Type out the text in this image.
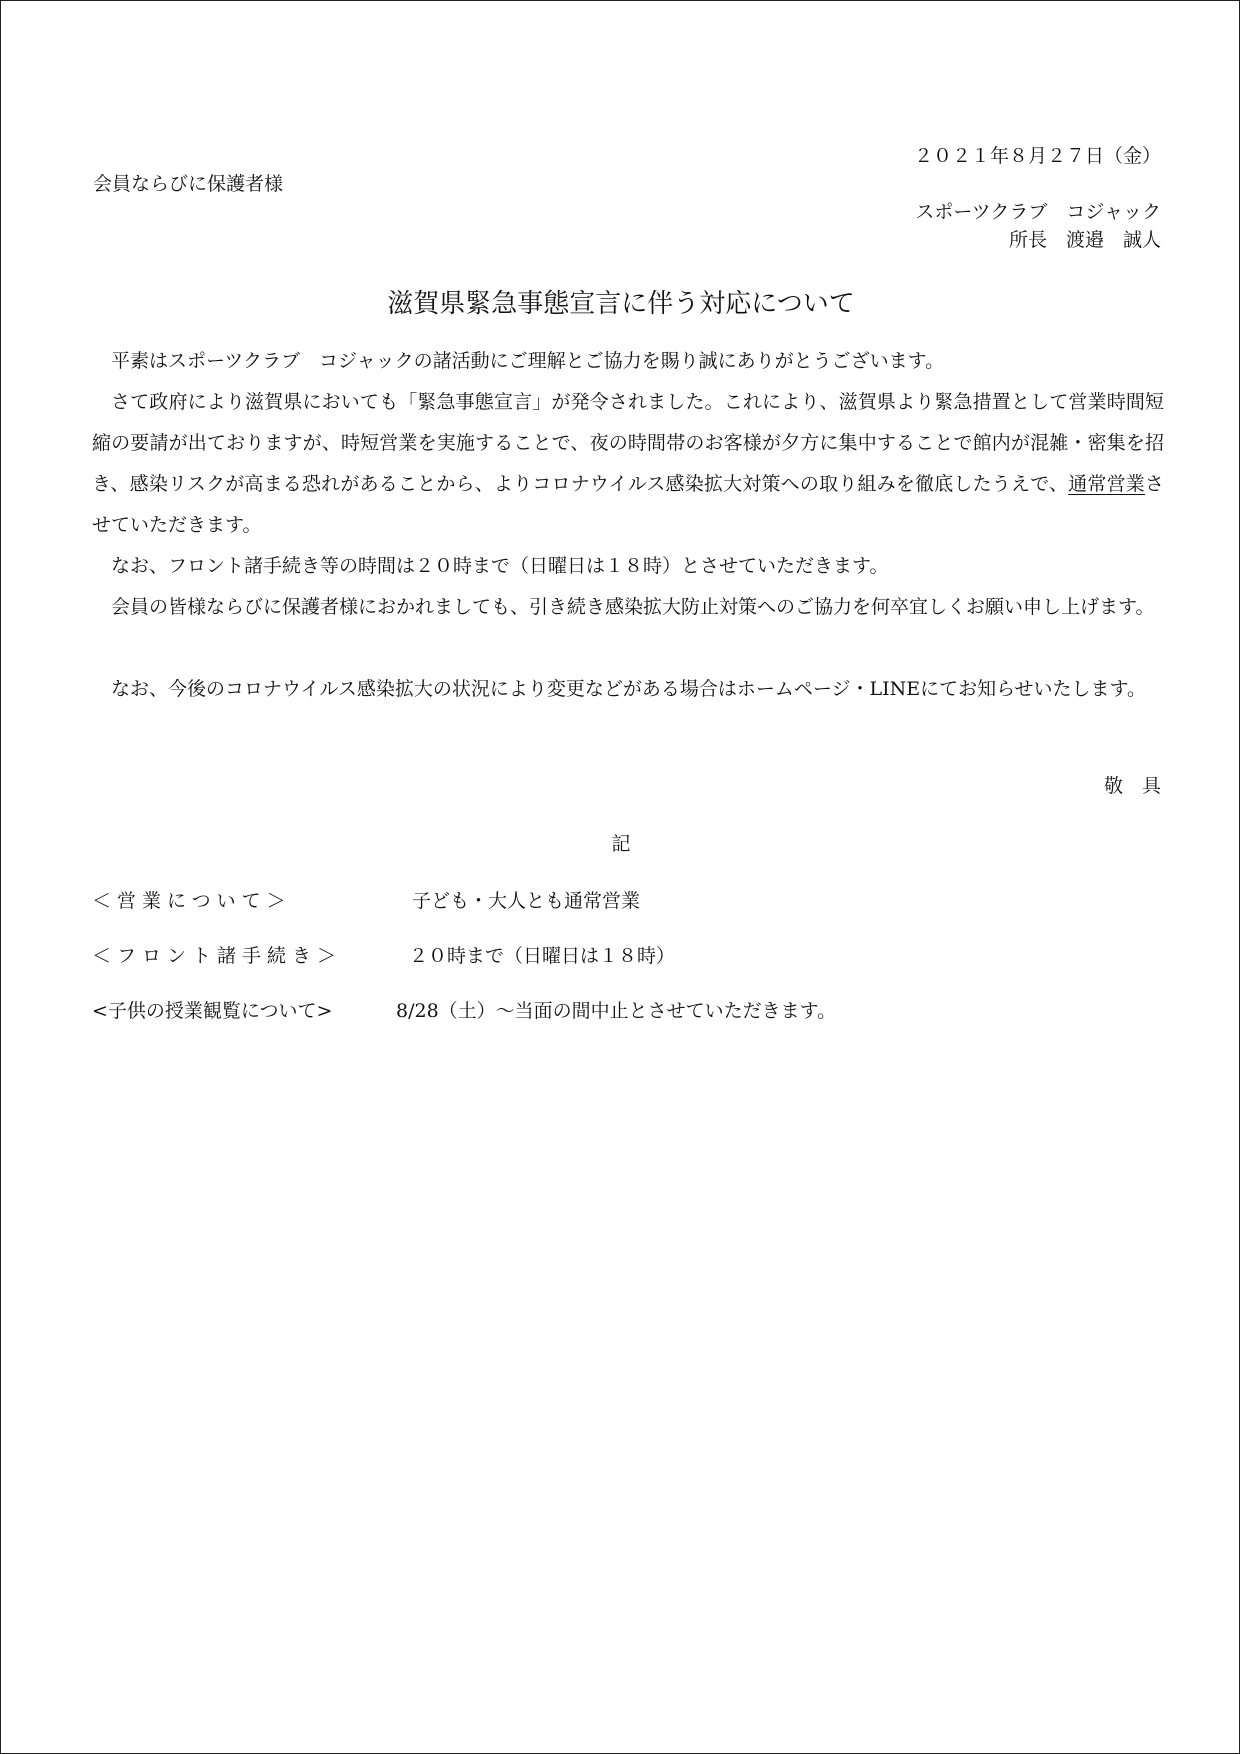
２０２１年８月２７日（金）
会員ならびに保護者様
スポーツクラブ　コジャック
所長　渡邉　誠人
滋賀県緊急事態宣言に伴う対応について
平素はスポーツクラブ　コジャックの諸活動にご理解とご協力を賜り誠にありがとうございます。
さて政府により滋賀県においても「緊急事態宣言」が発令されました。これにより、滋賀県より緊急措置として営業時間短縮の要請が出ておりますが、時短営業を実施することで、夜の時間帯のお客様が夕方に集中することで館内が混雑・密集を招き、感染リスクが高まる恐れがあることから、よりコロナウイルス感染拡大対策への取り組みを徹底したうえで、通常営業させていただきます。
なお、フロント諸手続き等の時間は２０時まで（日曜日は１８時）とさせていただきます。
会員の皆様ならびに保護者様におかれましても、引き続き感染拡大防止対策へのご協力を何卒宜しくお願い申し上げます。
なお、今後のコロナウイルス感染拡大の状況により変更などがある場合はホームページ・LINEにてお知らせいたします。
敬　具
記
＜営業について＞	子ども・大人とも通常営業
＜フロント諸手続き＞	２０時まで（日曜日は１８時）
<子供の授業観覧について>	8/28（土）～当面の間中止とさせていただきます。
